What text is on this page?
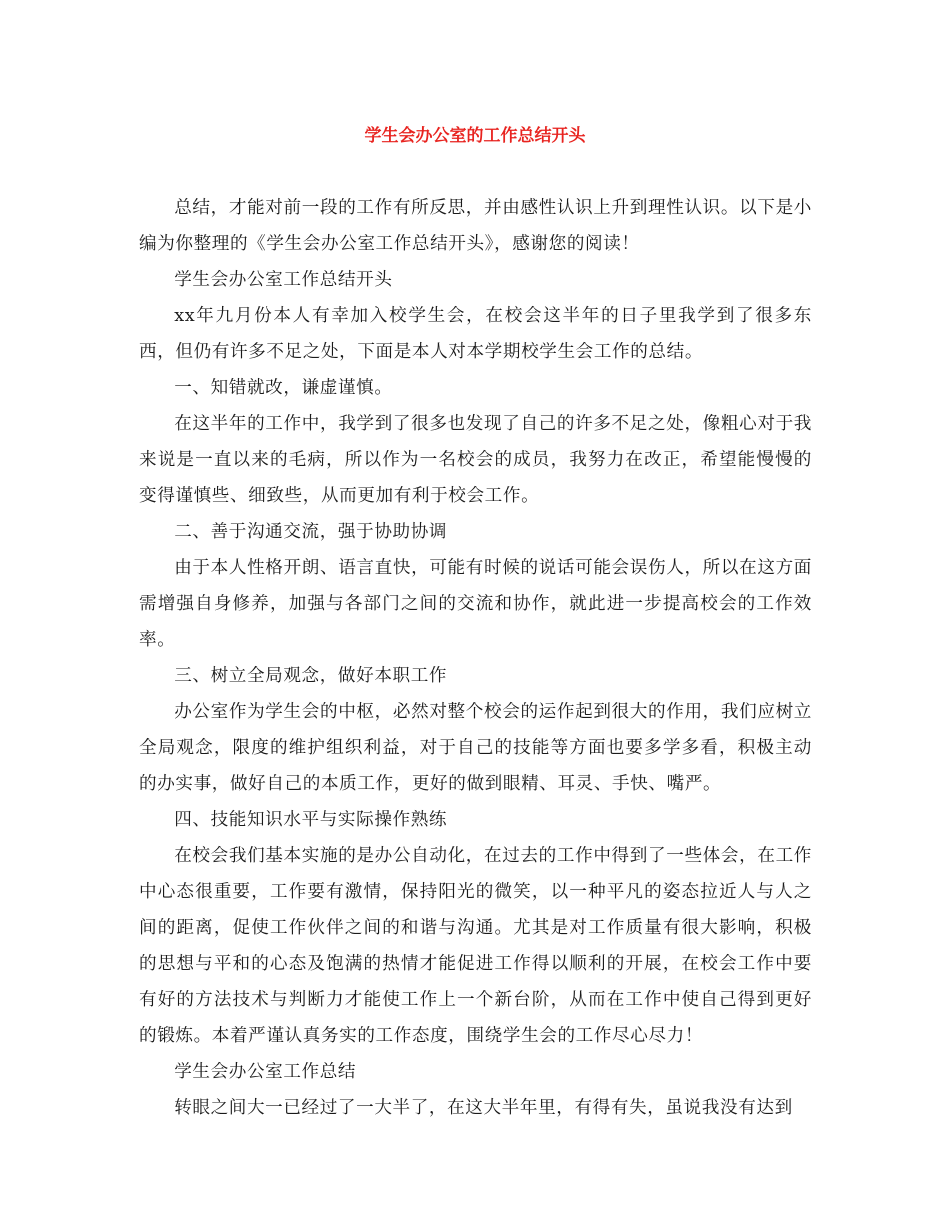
学生会办公室的工作总结开头

总结，才能对前一段的工作有所反思，并由感性认识上升到理性认识。以下是小编为你整理的《学生会办公室工作总结开头》，感谢您的阅读！

学生会办公室工作总结开头

xx年九月份本人有幸加入校学生会，在校会这半年的日子里我学到了很多东西，但仍有许多不足之处，下面是本人对本学期校学生会工作的总结。

一、知错就改，谦虚谨慎。

在这半年的工作中，我学到了很多也发现了自己的许多不足之处，像粗心对于我来说是一直以来的毛病，所以作为一名校会的成员，我努力在改正，希望能慢慢的变得谨慎些、细致些，从而更加有利于校会工作。

二、善于沟通交流，强于协助协调

由于本人性格开朗、语言直快，可能有时候的说话可能会误伤人，所以在这方面需增强自身修养，加强与各部门之间的交流和协作，就此进一步提高校会的工作效率。

三、树立全局观念，做好本职工作

办公室作为学生会的中枢，必然对整个校会的运作起到很大的作用，我们应树立全局观念，限度的维护组织利益，对于自己的技能等方面也要多学多看，积极主动的办实事，做好自己的本质工作，更好的做到眼精、耳灵、手快、嘴严。

四、技能知识水平与实际操作熟练

在校会我们基本实施的是办公自动化，在过去的工作中得到了一些体会，在工作中心态很重要，工作要有激情，保持阳光的微笑，以一种平凡的姿态拉近人与人之间的距离，促使工作伙伴之间的和谐与沟通。尤其是对工作质量有很大影响，积极的思想与平和的心态及饱满的热情才能促进工作得以顺利的开展，在校会工作中要有好的方法技术与判断力才能使工作上一个新台阶，从而在工作中使自己得到更好的锻炼。本着严谨认真务实的工作态度，围绕学生会的工作尽心尽力！

学生会办公室工作总结

转眼之间大一已经过了一大半了，在这大半年里，有得有失，虽说我没有达到
